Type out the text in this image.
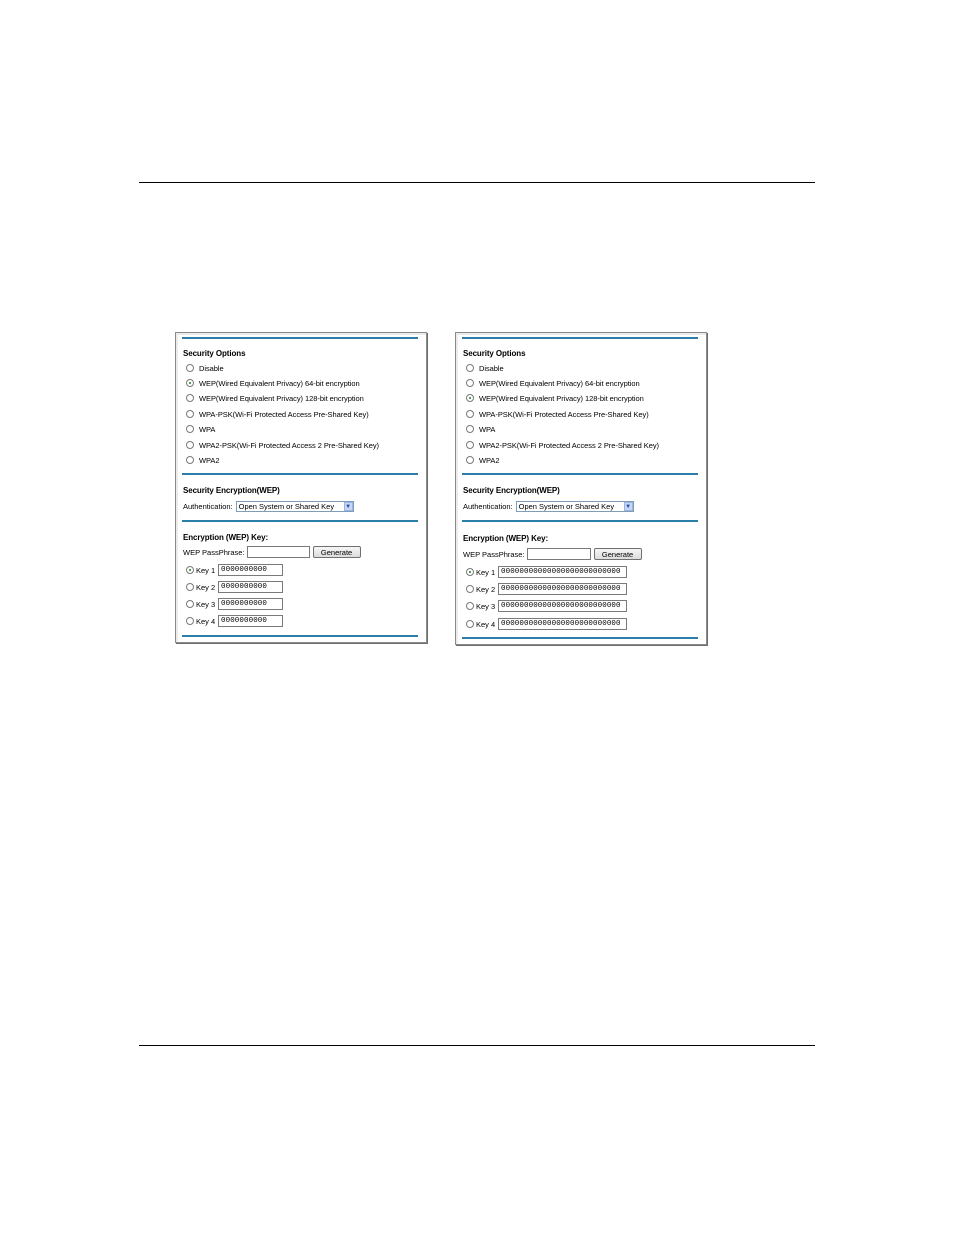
Security Options
Disable
WEP(Wired Equivalent Privacy) 64-bit encryption
WEP(Wired Equivalent Privacy) 128-bit encryption
WPA-PSK(Wi-Fi Protected Access Pre-Shared Key)
WPA
WPA2-PSK(Wi-Fi Protected Access 2 Pre-Shared Key)
WPA2
Security Encryption(WEP)
Authentication: Open System or Shared Key	▼
Encryption (WEP) Key:
WEP PassPhrase:	Generate
Key 1 0000000000
Key 2 0000000000
Key 3 0000000000
Key 4 0000000000
Security Options
Disable
WEP(Wired Equivalent Privacy) 64-bit encryption
WEP(Wired Equivalent Privacy) 128-bit encryption
WPA-PSK(Wi-Fi Protected Access Pre-Shared Key)
WPA
WPA2-PSK(Wi-Fi Protected Access 2 Pre-Shared Key)
WPA2
Security Encryption(WEP)
Authentication: Open System or Shared Key	▼
Encryption (WEP) Key:
WEP PassPhrase:	Generate
Key 1 00000000000000000000000000
Key 2 00000000000000000000000000
Key 3 00000000000000000000000000
Key 4 00000000000000000000000000
